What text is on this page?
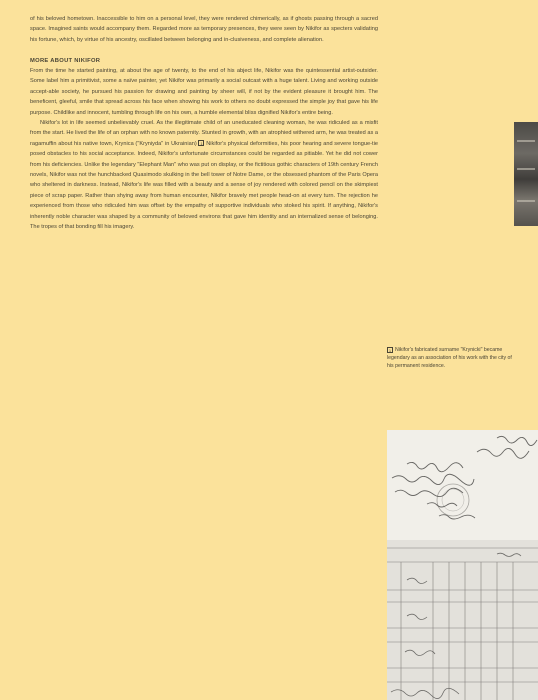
of his beloved hometown. Inaccessible to him on a personal level, they were rendered chimerically, as if ghosts passing through a sacred space. Imagined saints would accompany them. Regarded more as temporary presences, they were seen by Nikifor as specters validating his fortune, which, by virtue of his ancestry, oscillated between belonging and in-clusiveness, and complete alienation.

MORE ABOUT NIKIFOR

From the time he started painting, at about the age of twenty, to the end of his abject life, Nikifor was the quintessential artist-outsider. Some label him a primitivist, some a naïve painter, yet Nikifor was primarily a social outcast with a huge talent. Living and working outside accept-able society, he pursued his passion for drawing and painting by sheer will, if not by the evident pleasure it brought him. The beneficent, gleeful, smile that spread across his face when showing his work to others no doubt expressed the simple joy that gave his life purpose. Childlike and innocent, tumbling through life on his own, a humble elemental bliss dignified Nikifor's entire being.

Nikifor's lot in life seemed unbelievably cruel. As the illegitimate child of an uneducated cleaning woman, he was ridiculed as a misfit from the start. He lived the life of an orphan with no known paternity. Stunted in growth, with an atrophied withered arm, he was treated as a ragamuffin about his native town, Krynica ("Kryniyda" in Ukrainian) 1 Nikifor's physical deformities, his poor hearing and severe tongue-tie posed obstacles to his social acceptance. Indeed, Nikifor's unfortunate circumstances could be regarded as pitiable. Yet he did not cower from his deficiencies. Unlike the legendary "Elephant Man" who was put on display, or the fictitious gothic characters of 19th century French novels, Nikifor was not the hunchbacked Quasimodo skulking in the bell tower of Notre Dame, or the obsessed phantom of the Paris Opera who sheltered in darkness. Instead, Nikifor's life was filled with a beauty and a sense of joy rendered with colored pencil on the skimpiest piece of scrap paper. Rather than shying away from human encounter, Nikifor bravely met people head-on at every turn. The rejection he experienced from those who ridiculed him was offset by the empathy of supportive individuals who stoked his spirit. If anything, Nikifor's inherently noble character was shaped by a community of beloved environs that gave him identity and an internalized sense of belonging. The tropes of that bonding fill his imagery.

1 Nikifor's fabricated surname "Krynicki" became legendary as an association of his work with the city of his permanent residence.
